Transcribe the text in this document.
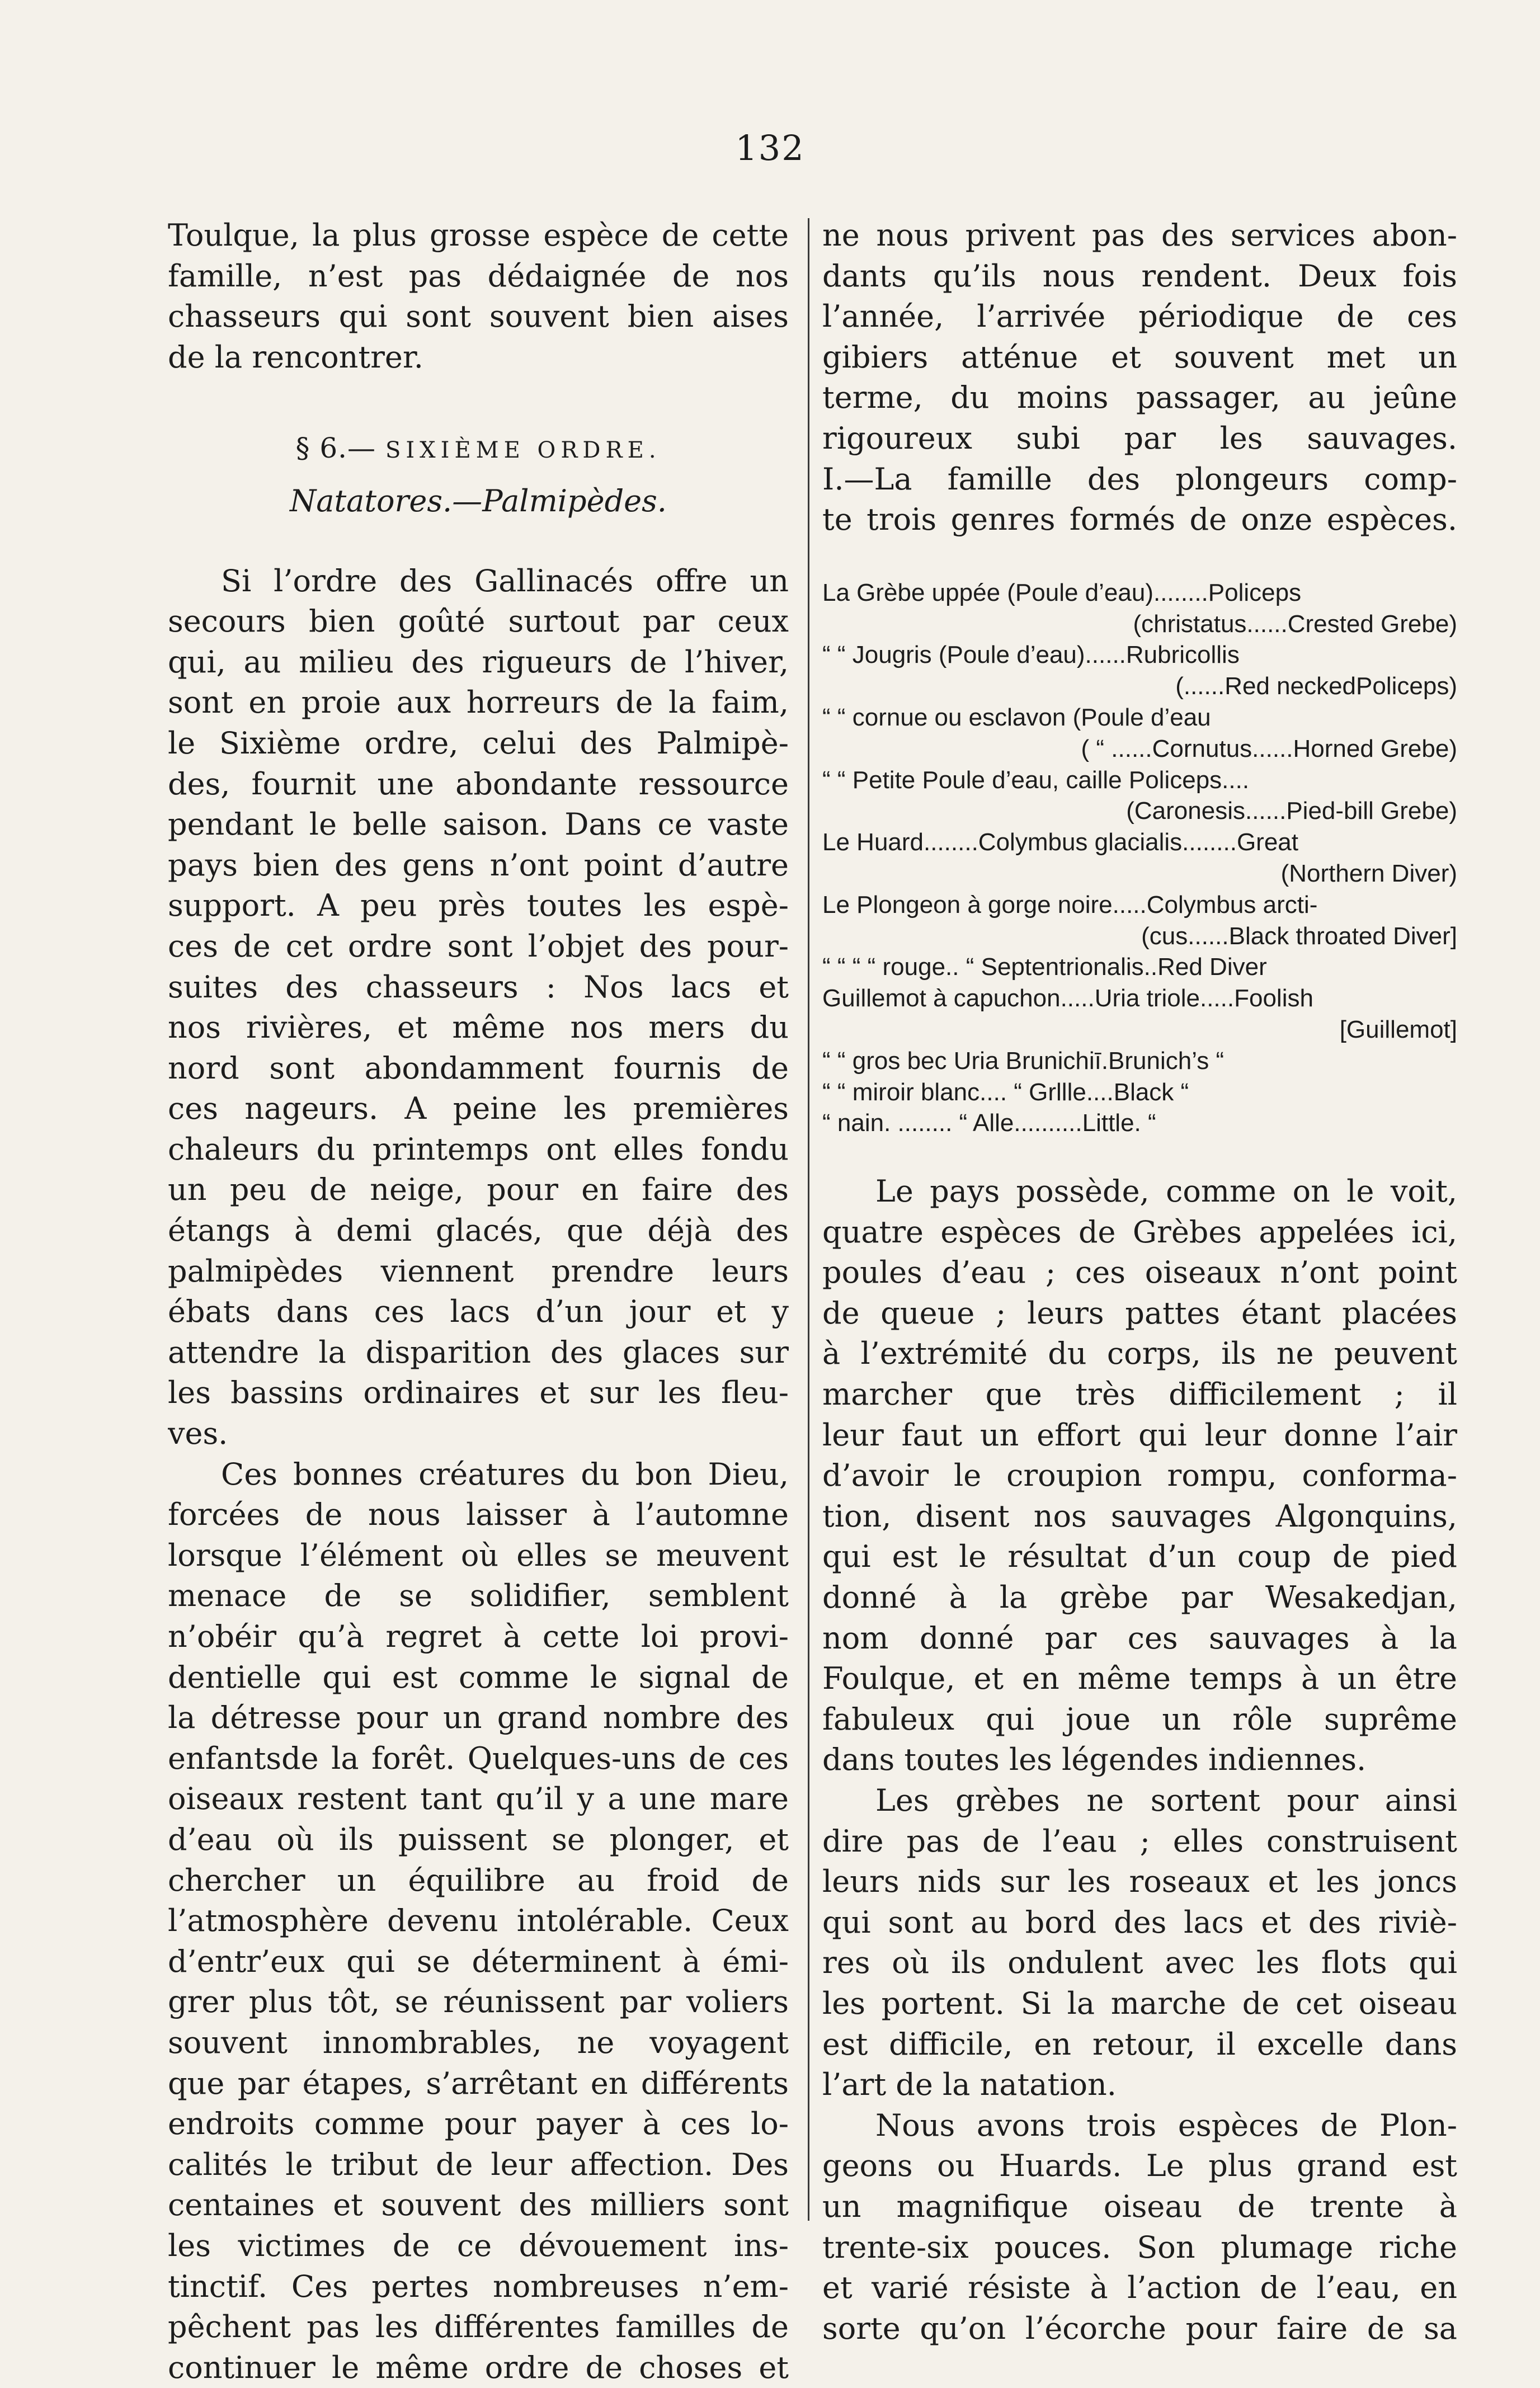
132
Toulque, la plus grosse espèce de cette
famille, n’est pas dédaignée de nos
chasseurs qui sont souvent bien aises
de la rencontrer.
§ 6.— SIXIÈME ORDRE.
Natatores.—Palmipèdes.
Si l’ordre des Gallinacés offre un
secours bien goûté surtout par ceux
qui, au milieu des rigueurs de l’hiver,
sont en proie aux horreurs de la faim,
le Sixième ordre, celui des Palmipè-
des, fournit une abondante ressource
pendant le belle saison. Dans ce vaste
pays bien des gens n’ont point d’autre
support. A peu près toutes les espè-
ces de cet ordre sont l’objet des pour-
suites des chasseurs : Nos lacs et
nos rivières, et même nos mers du
nord sont abondamment fournis de
ces nageurs. A peine les premières
chaleurs du printemps ont elles fondu
un peu de neige, pour en faire des
étangs à demi glacés, que déjà des
palmipèdes viennent prendre leurs
ébats dans ces lacs d’un jour et y
attendre la disparition des glaces sur
les bassins ordinaires et sur les fleu-
ves.
Ces bonnes créatures du bon Dieu,
forcées de nous laisser à l’automne
lorsque l’élément où elles se meuvent
menace de se solidifier, semblent
n’obéir qu’à regret à cette loi provi-
dentielle qui est comme le signal de
la détresse pour un grand nombre des
enfantsde la forêt. Quelques-uns de ces
oiseaux restent tant qu’il y a une mare
d’eau où ils puissent se plonger, et
chercher un équilibre au froid de
l’atmosphère devenu intolérable. Ceux
d’entr’eux qui se déterminent à émi-
grer plus tôt, se réunissent par voliers
souvent innombrables, ne voyagent
que par étapes, s’arrêtant en différents
endroits comme pour payer à ces lo-
calités le tribut de leur affection. Des
centaines et souvent des milliers sont
les victimes de ce dévouement ins-
tinctif. Ces pertes nombreuses n’em-
pêchent pas les différentes familles de
continuer le même ordre de choses et
ne nous privent pas des services abon-
dants qu’ils nous rendent. Deux fois
l’année, l’arrivée périodique de ces
gibiers atténue et souvent met un
terme, du moins passager, au jeûne
rigoureux subi par les sauvages.
I.—La famille des plongeurs comp-
te trois genres formés de onze espèces.
La Grèbe uppée (Poule d’eau)........Policeps
(christatus......Crested Grebe)
“ “ Jougris (Poule d’eau)......Rubricollis
(......Red neckedPoliceps)
“ “ cornue ou esclavon (Poule d’eau
( “ ......Cornutus......Horned Grebe)
“ “ Petite Poule d’eau, caille Policeps....
(Caronesis......Pied-bill Grebe)
Le Huard........Colymbus glacialis........Great
(Northern Diver)
Le Plongeon à gorge noire.....Colymbus arcti-
(cus......Black throated Diver]
“ “ “ “ rouge.. “ Septentrionalis..Red Diver
Guillemot à capuchon.....Uria triole.....Foolish
[Guillemot]
“ “ gros bec Uria Brunichiī.Brunich’s “
“ “ miroir blanc.... “ Grllle....Black “
“ nain. ........ “ Alle..........Little. “
Le pays possède, comme on le voit,
quatre espèces de Grèbes appelées ici,
poules d’eau ; ces oiseaux n’ont point
de queue ; leurs pattes étant placées
à l’extrémité du corps, ils ne peuvent
marcher que très difficilement ; il
leur faut un effort qui leur donne l’air
d’avoir le croupion rompu, conforma-
tion, disent nos sauvages Algonquins,
qui est le résultat d’un coup de pied
donné à la grèbe par Wesakedjan,
nom donné par ces sauvages à la
Foulque, et en même temps à un être
fabuleux qui joue un rôle suprême
dans toutes les légendes indiennes.
Les grèbes ne sortent pour ainsi
dire pas de l’eau ; elles construisent
leurs nids sur les roseaux et les joncs
qui sont au bord des lacs et des riviè-
res où ils ondulent avec les flots qui
les portent. Si la marche de cet oiseau
est difficile, en retour, il excelle dans
l’art de la natation.
Nous avons trois espèces de Plon-
geons ou Huards. Le plus grand est
un magnifique oiseau de trente à
trente-six pouces. Son plumage riche
et varié résiste à l’action de l’eau, en
sorte qu’on l’écorche pour faire de sa
